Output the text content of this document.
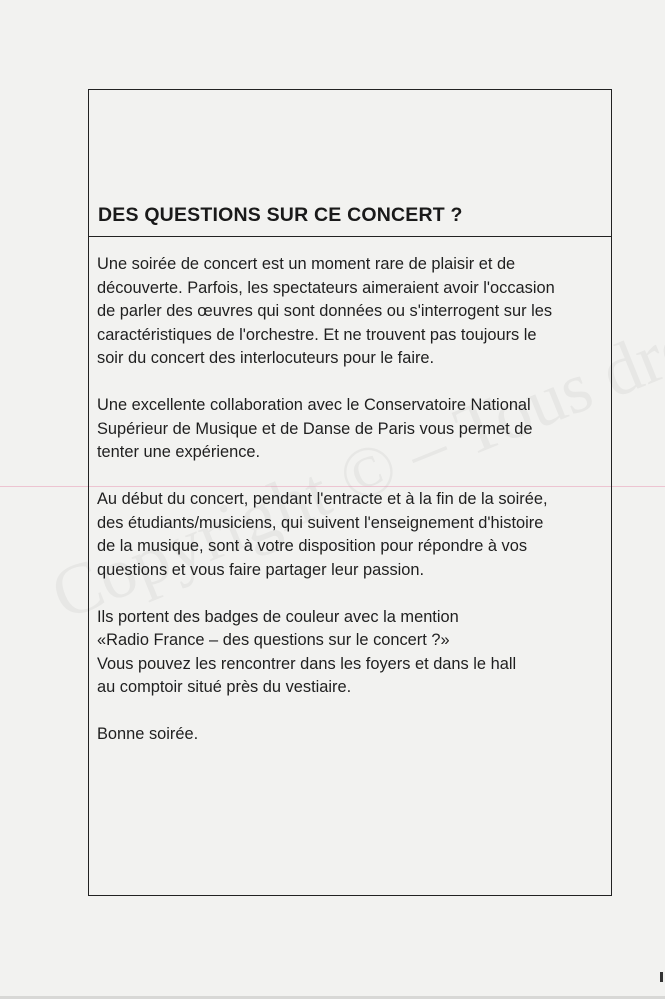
DES QUESTIONS SUR CE CONCERT ?

Une soirée de concert est un moment rare de plaisir et de
découverte. Parfois, les spectateurs aimeraient avoir l'occasion
de parler des œuvres qui sont données ou s'interrogent sur les
caractéristiques de l'orchestre. Et ne trouvent pas toujours le
soir du concert des interlocuteurs pour le faire.

Une excellente collaboration avec le Conservatoire National
Supérieur de Musique et de Danse de Paris vous permet de
tenter une expérience.

Au début du concert, pendant l'entracte et à la fin de la soirée,
des étudiants/musiciens, qui suivent l'enseignement d'histoire
de la musique, sont à votre disposition pour répondre à vos
questions et vous faire partager leur passion.

Ils portent des badges de couleur avec la mention
«Radio France – des questions sur le concert ?»
Vous pouvez les rencontrer dans les foyers et dans le hall
au comptoir situé près du vestiaire.

Bonne soirée.
